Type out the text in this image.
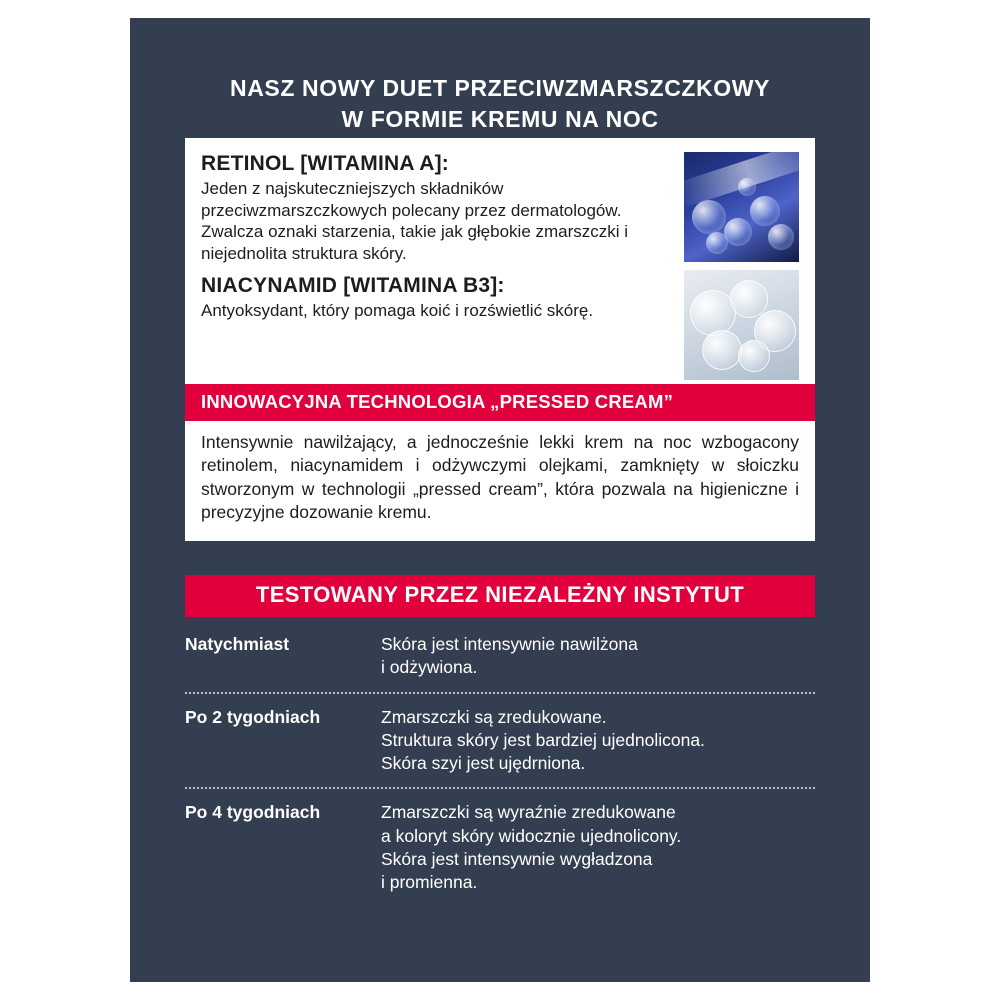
NASZ NOWY DUET PRZECIWZMARSZCZKOWY
W FORMIE KREMU NA NOC
RETINOL [WITAMINA A]:
Jeden z najskuteczniejszych składników przeciwzmarszczkowych polecany przez dermatologów. Zwalcza oznaki starzenia, takie jak głębokie zmarszczki i niejednolita struktura skóry.
NIACYNAMID [WITAMINA B3]:
Antyoksydant, który pomaga koić i rozświetlić skórę.
INNOWACYJNA TECHNOLOGIA „PRESSED CREAM”

Intensywnie nawilżający, a jednocześnie lekki krem na noc wzbogacony retinolem, niacynamidem i odżywczymi olejkami, zamknięty w słoiczku stworzonym w technologii „pressed cream”, która pozwala na higieniczne i precyzyjne dozowanie kremu.

TESTOWANY PRZEZ NIEZALEŻNY INSTYTUT
Natychmiast	Skóra jest intensywnie nawilżona
i odżywiona.
Po 2 tygodniach	Zmarszczki są zredukowane.
Struktura skóry jest bardziej ujednolicona.
Skóra szyi jest ujędrniona.
Po 4 tygodniach	Zmarszczki są wyraźnie zredukowane
a koloryt skóry widocznie ujednolicony.
Skóra jest intensywnie wygładzona
i promienna.
